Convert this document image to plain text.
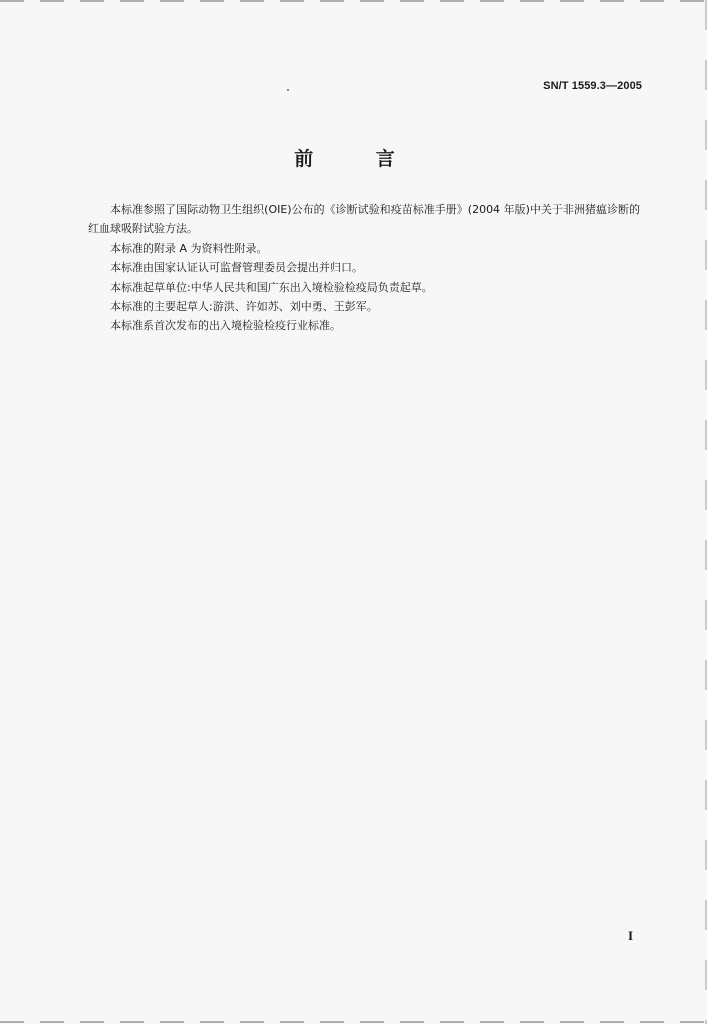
SN/T 1559.3—2005
前 言

本标准参照了国际动物卫生组织(OIE)公布的《诊断试验和疫苗标准手册》(2004 年版)中关于非洲猪瘟诊断的红血球吸附试验方法。

本标准的附录 A 为资料性附录。

本标准由国家认证认可监督管理委员会提出并归口。

本标准起草单位:中华人民共和国广东出入境检验检疫局负责起草。

本标准的主要起草人:游洪、许如苏、刘中勇、王彭军。

本标准系首次发布的出入境检验检疫行业标准。

I
